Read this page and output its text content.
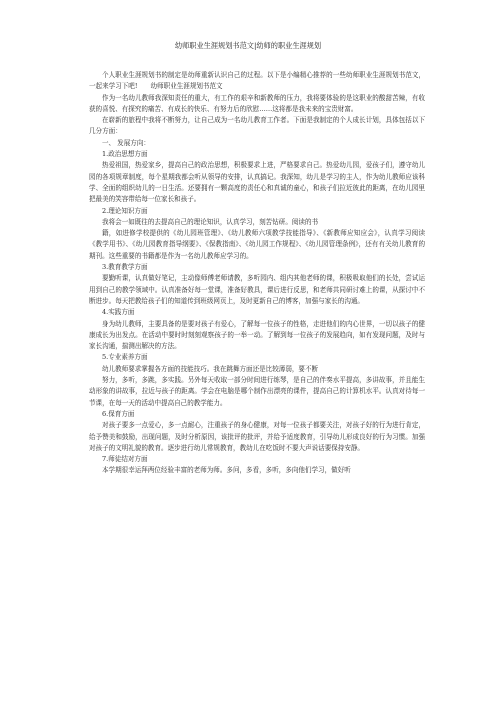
幼师职业生涯规划书范文|幼师的职业生涯规划

个人职业生涯规划书的制定是幼师重新认识自己的过程。以下是小编精心推荐的一些幼师职业生涯规划书范文，一起来学习下吧!　　幼师职业生涯规划书范文

作为一名幼儿教师我深知责任的重大，有工作的艰辛和新教师的压力，我将要体验的是这职业的酸甜苦辣，有收获的喜悦、有探究的痛苦、有成长的快乐、有努力后的欣慰……这将都是我未来的宝贵财富。

在崭新的旅程中我将不断努力，让自己成为一名幼儿教育工作者。下面是我制定的个人成长计划，具体包括以下几分方面：

一、 发展方向：

1.政治思想方面

热爱祖国，热爱家乡，提高自己的政治思想，积极要求上进，严格要求自己。热爱幼儿园，爱孩子们，遵守幼儿园的各项规章制度，每个星期我都会听从领导的安排，认真搞记。我深知，幼儿是学习的主人，作为幼儿教师应该科学、全面的组织幼儿的一日生活。还要拥有一颗高度的责任心和真诚的童心，和孩子们拉近彼此的距离，在幼儿园里把最美的笑容带给每一位家长和孩子。

2.理论知识方面

我将会一如既往的去提高自己的理论知识，认真学习，刻苦钻研。阅读的书

籍，如进修学校提供的《幼儿园班管理》、《幼儿教师六项教学技能指导》、《新教师应知应会》，认真学习阅读《教学用书》、《幼儿园教育指导纲要》、《保教指南》、《幼儿园工作规程》、《幼儿园管理条例》，还有有关幼儿教育的期刊。这些重要的书籍都是作为一名幼儿教师应学习的。

3.教育教学方面

要勤听课，认真做好笔记，主动像师傅老师请教，多听园内、组内其他老师的课，积极吸取他们的长处，尝试运用到自己的教学领域中。认真准备好每一堂课，准备好教具，课后进行反思，和老师共同研讨难上的课，从探讨中不断进步。每天把教给孩子们的知道传到班级网页上，及时更新自己的博客，加强与家长的沟通。

4.实践方面

身为幼儿教师，主要具备的是要对孩子有爱心，了解每一位孩子的性格，走进他们的内心世界，一切以孩子的健康成长为出发点。在活动中要时时刻刻观察孩子的一举一动。了解到每一位孩子的发展趋向，如有发现问题，及时与家长沟通，揣测出解决的方法。

5.专业素养方面

幼儿教师要求掌握各方面的技能技巧。我在跳舞方面还是比较薄弱，要不断

努力，多听，多跳，多实践。另外每天收取一部分时间进行练琴，是自己的伴奏水平提高，多讲故事，并且能生动形象的讲故事，拉近与孩子的距离。学会在电脑是哪个制作出漂亮的课件，提高自己的计算机水平。认真对待每一节课，在每一天的活动中提高自己的教学能力。

6.保育方面

对孩子要多一点爱心，多一点耐心，注重孩子的身心健康，对每一位孩子都要关注，对孩子好的行为进行肯定，给予赞美和鼓励，出现问题，及时分析原因，该批评的批评，并给予适度教育，引导幼儿形成良好的行为习惯。加强对孩子的文明礼貌的教育。逐步进行幼儿常规教育，教幼儿在吃饭时不要大声说话要保持安静。

7.师徒结对方面

本学期很幸运拜两位经验丰富的老师为师。多问，多看，多听，多向他们学习，做好听
